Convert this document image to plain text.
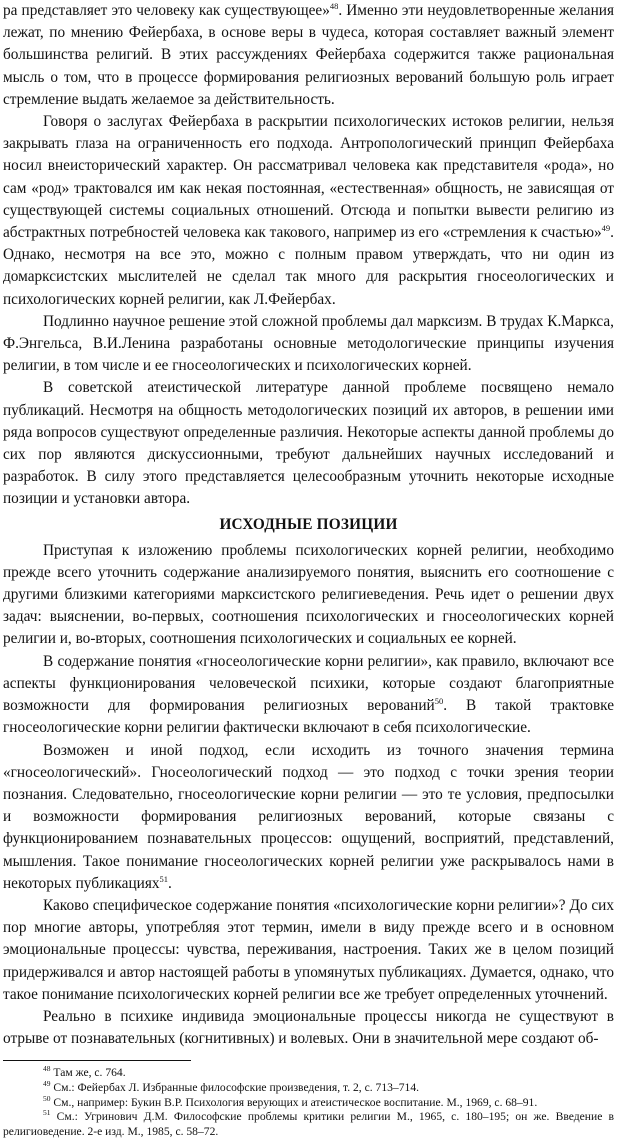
ра представляет это человеку как существующее»$^{48}$. Именно эти неудовлетворенные желания лежат, по мнению Фейербаха, в основе веры в чудеса, которая составляет важный элемент большинства религий. В этих рассуждениях Фейербаха содержится также рациональная мысль о том, что в процессе формирования религиозных верований большую роль играет стремление выдать желаемое за действительность.

Говоря о заслугах Фейербаха в раскрытии психологических истоков религии, нельзя закрывать глаза на ограниченность его подхода. Антропологический принцип Фейербаха носил внеисторический характер. Он рассматривал человека как представителя «рода», но сам «род» трактовался им как некая постоянная, «естественная» общность, не зависящая от существующей системы социальных отношений. Отсюда и попытки вывести религию из абстрактных потребностей человека как такового, например из его «стремления к счастью»$^{49}$. Однако, несмотря на все это, можно с полным правом утверждать, что ни один из домарксистских мыслителей не сделал так много для раскрытия гносеологических и психологических корней религии, как Л.Фейербах.

Подлинно научное решение этой сложной проблемы дал марксизм. В трудах К.Маркса, Ф.Энгельса, В.И.Ленина разработаны основные методологические принципы изучения религии, в том числе и ее гносеологических и психологических корней.

В советской атеистической литературе данной проблеме посвящено немало публикаций. Несмотря на общность методологических позиций их авторов, в решении ими ряда вопросов существуют определенные различия. Некоторые аспекты данной проблемы до сих пор являются дискуссионными, требуют дальнейших научных исследований и разработок. В силу этого представляется целесообразным уточнить некоторые исходные позиции и установки автора.

ИСХОДНЫЕ ПОЗИЦИИ

Приступая к изложению проблемы психологических корней религии, необходимо прежде всего уточнить содержание анализируемого понятия, выяснить его соотношение с другими близкими категориями марксистского религиеведения. Речь идет о решении двух задач: выяснении, во-первых, соотношения психологических и гносеологических корней религии и, во-вторых, соотношения психологических и социальных ее корней.

В содержание понятия «гносеологические корни религии», как правило, включают все аспекты функционирования человеческой психики, которые создают благоприятные возможности для формирования религиозных верований$^{50}$. В такой трактовке гносеологические корни религии фактически включают в себя психологические.

Возможен и иной подход, если исходить из точного значения термина «гносеологический». Гносеологический подход — это подход с точки зрения теории познания. Следовательно, гносеологические корни религии — это те условия, предпосылки и возможности формирования религиозных верований, которые связаны с функционированием познавательных процессов: ощущений, восприятий, представлений, мышления. Такое понимание гносеологических корней религии уже раскрывалось нами в некоторых публикациях$^{51}$.

Каково специфическое содержание понятия «психологические корни религии»? До сих пор многие авторы, употребляя этот термин, имели в виду прежде всего и в основном эмоциональные процессы: чувства, переживания, настроения. Таких же в целом позиций придерживался и автор настоящей работы в упомянутых публикациях. Думается, однако, что такое понимание психологических корней религии все же требует определенных уточнений.

Реально в психике индивида эмоциональные процессы никогда не существуют в отрыве от познавательных (когнитивных) и волевых. Они в значительной мере создают об-

$^{48}$ Там же, с. 764.

$^{49}$ См.: Фейербах Л. Избранные философские произведения, т. 2, с. 713–714.

$^{50}$ См., например: Букин В.Р. Психология верующих и атеистическое воспитание. М., 1969, с. 68–91.

$^{51}$ См.: Угринович Д.М. Философские проблемы критики религии М., 1965, с. 180–195; он же. Введение в религиоведение. 2-е изд. М., 1985, с. 58–72.
